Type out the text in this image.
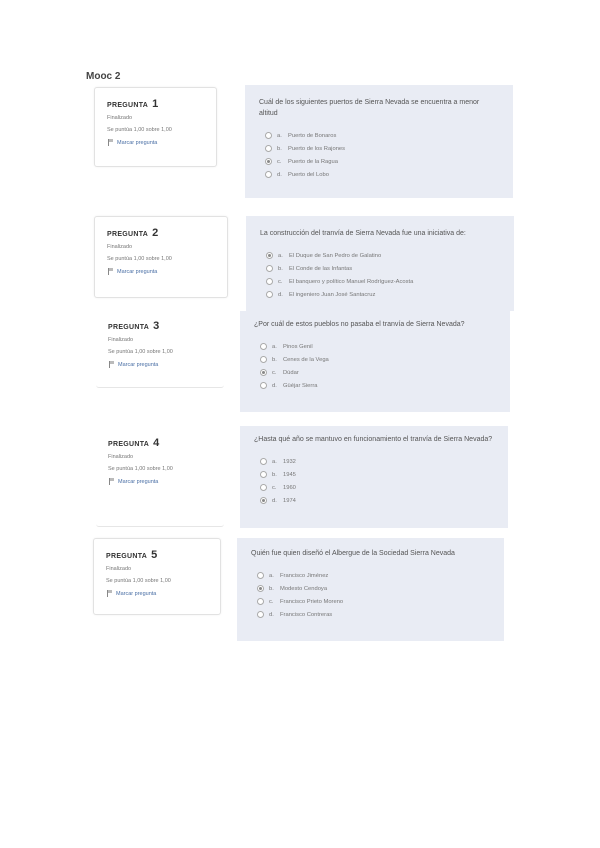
Mooc 2
PREGUNTA 1
Finalizado
Se puntúa 1,00 sobre 1,00
Marcar pregunta
Cuál de los siguientes puertos de Sierra Nevada se encuentra a menor altitud
a.	Puerto de Bonaros
b.	Puerto de los Rajones
c.	Puerto de la Ragua
d.	Puerto del Lobo
PREGUNTA 2
Finalizado
Se puntúa 1,00 sobre 1,00
Marcar pregunta
La construcción del tranvía de Sierra Nevada fue una iniciativa de:
a.	El Duque de San Pedro de Galatino
b.	El Conde de las Infantas
c.	El banquero y político Manuel Rodríguez-Acosta
d.	El ingeniero Juan José Santacruz
PREGUNTA 3
Finalizado
Se puntúa 1,00 sobre 1,00
Marcar pregunta
¿Por cuál de estos pueblos no pasaba el tranvía de Sierra Nevada?
a.	Pinos Genil
b.	Cenes de la Vega
c.	Dúdar
d.	Güéjar Sierra
PREGUNTA 4
Finalizado
Se puntúa 1,00 sobre 1,00
Marcar pregunta
¿Hasta qué año se mantuvo en funcionamiento el tranvía de Sierra Nevada?
a.	1932
b.	1945
c.	1960
d.	1974
PREGUNTA 5
Finalizado
Se puntúa 1,00 sobre 1,00
Marcar pregunta
Quién fue quien diseñó el Albergue de la Sociedad Sierra Nevada
a.	Francisco Jiménez
b.	Modesto Cendoya
c.	Francisco Prieto Moreno
d.	Francisco Contreras
